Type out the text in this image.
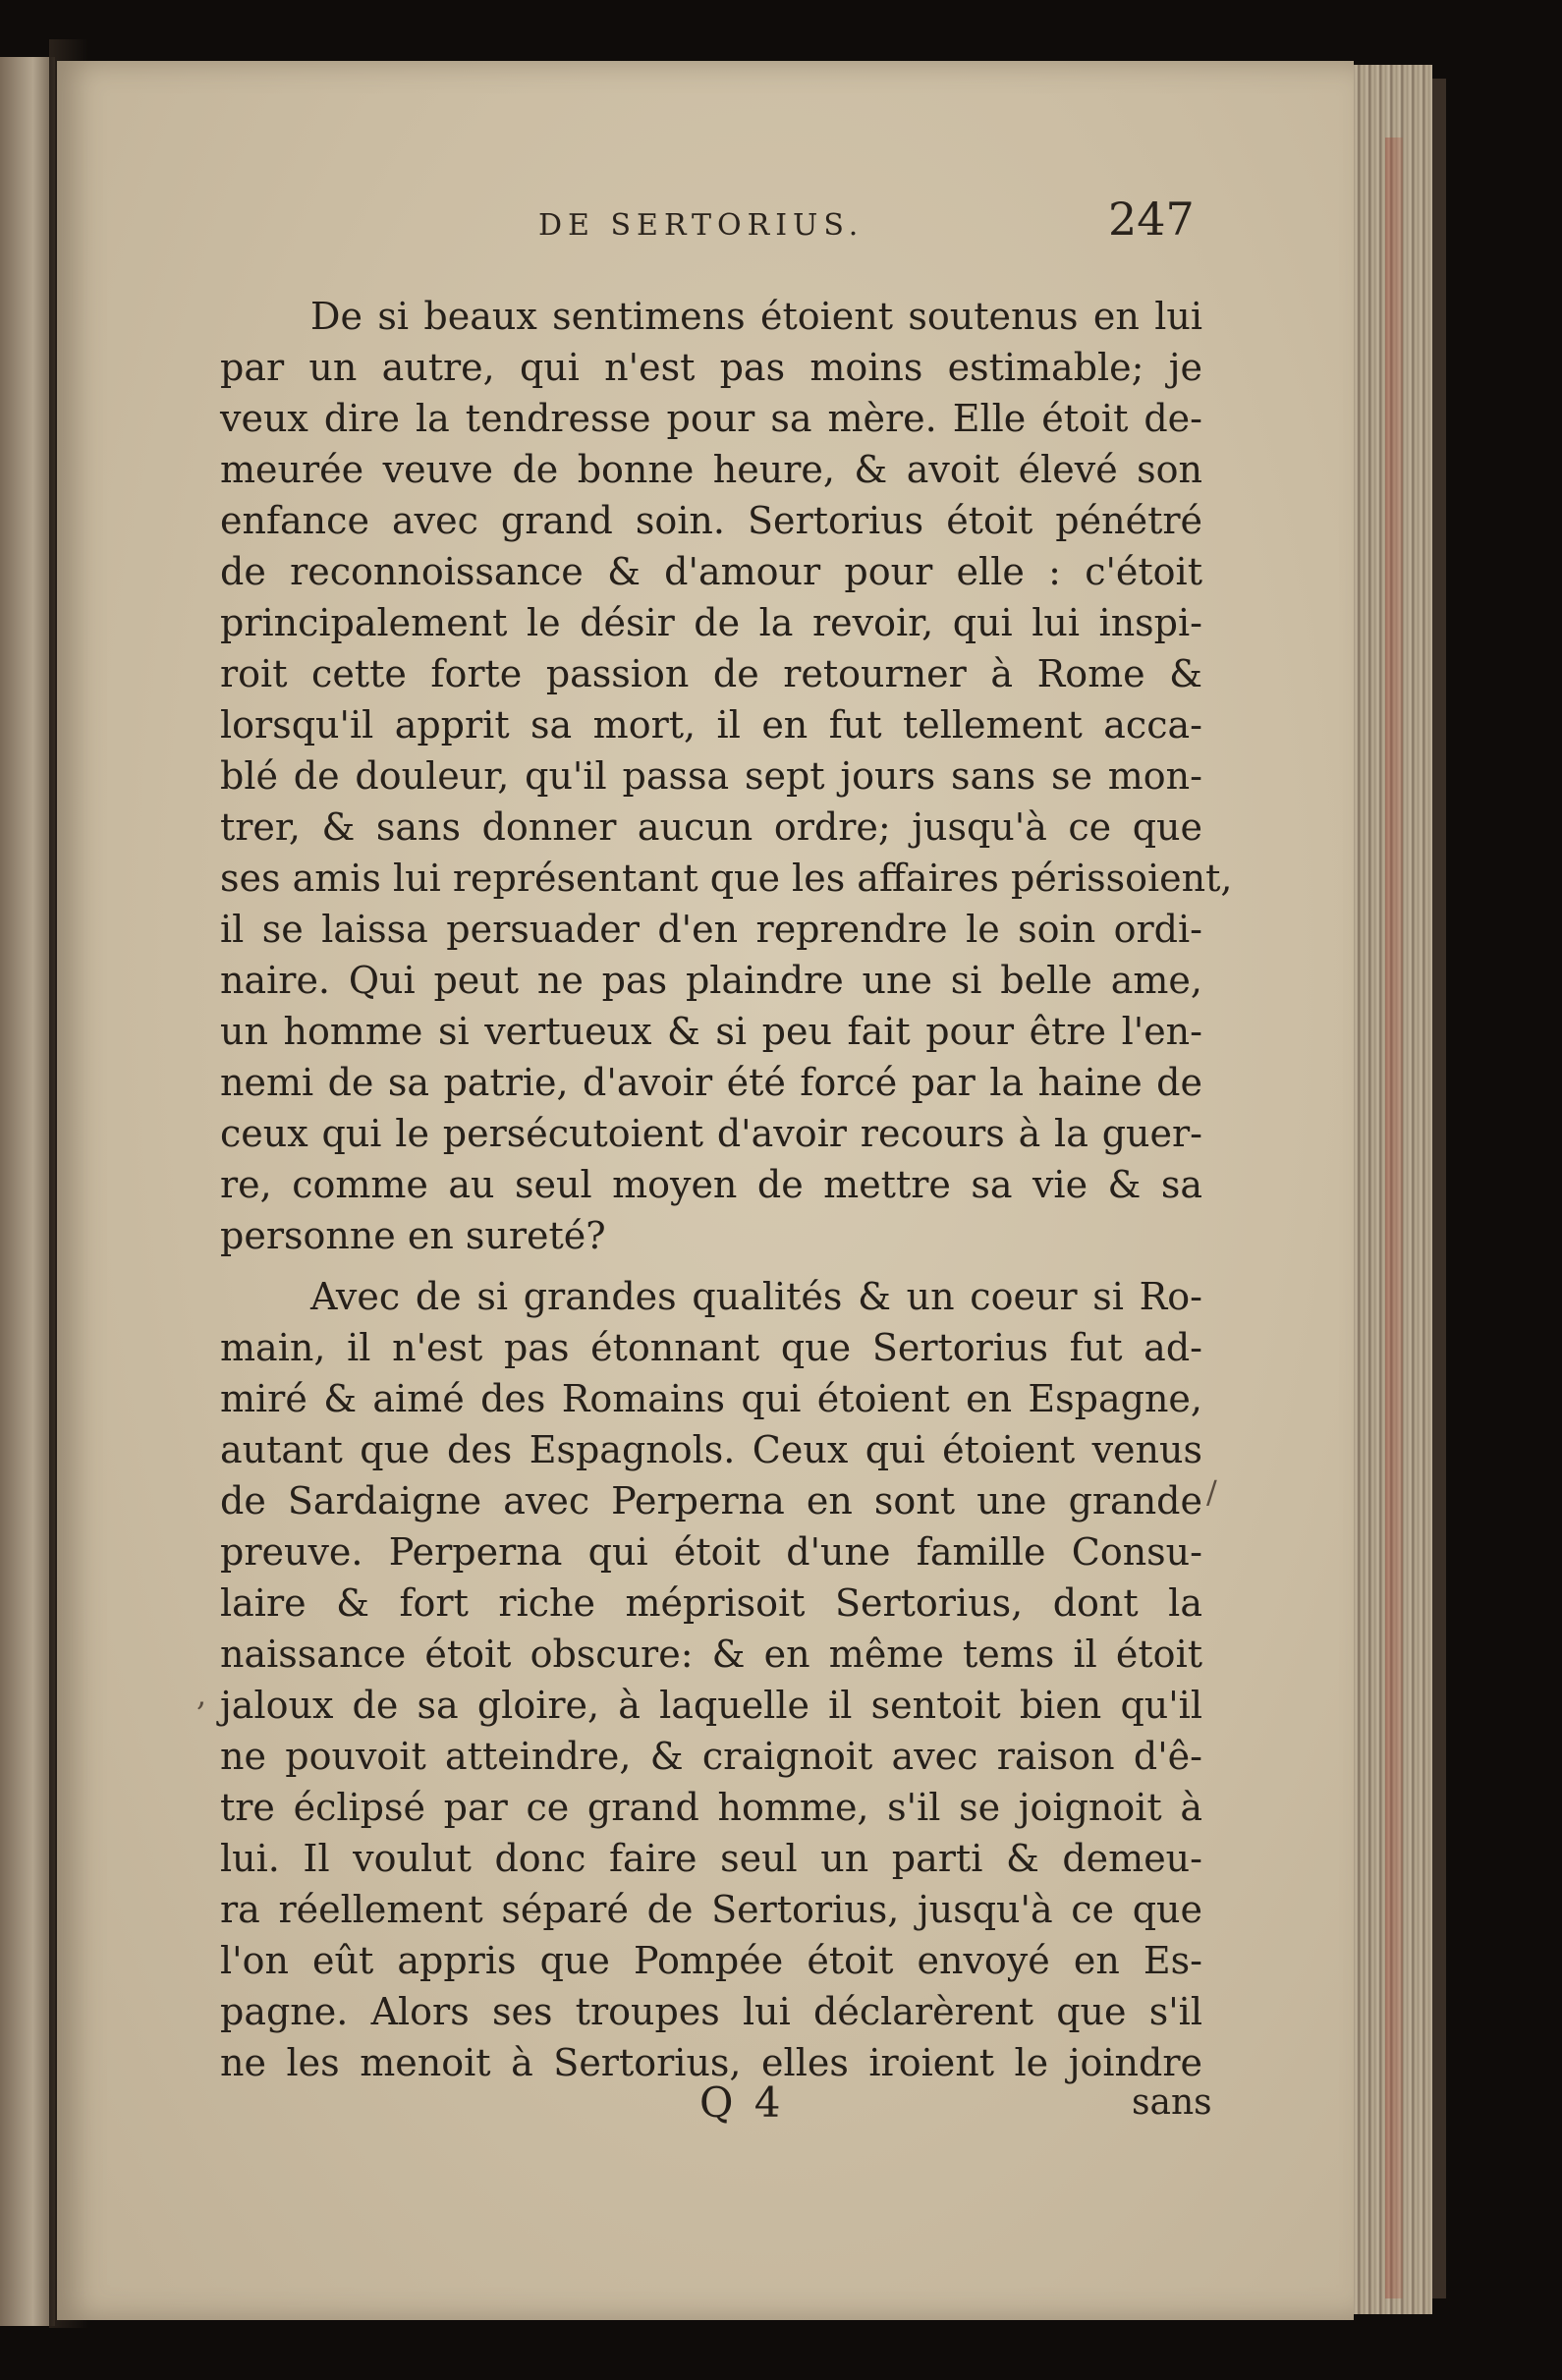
DE SERTORIUS.	247
De si beaux sentimens étoient soutenus en lui
par un autre, qui n'est pas moins estimable; je
veux dire la tendresse pour sa mère. Elle étoit de-
meurée veuve de bonne heure, & avoit élevé son
enfance avec grand soin. Sertorius étoit pénétré
de reconnoissance & d'amour pour elle : c'étoit
principalement le désir de la revoir, qui lui inspi-
roit cette forte passion de retourner à Rome &
lorsqu'il apprit sa mort, il en fut tellement acca-
blé de douleur, qu'il passa sept jours sans se mon-
trer, & sans donner aucun ordre; jusqu'à ce que
ses amis lui représentant que les affaires périssoient,
il se laissa persuader d'en reprendre le soin ordi-
naire. Qui peut ne pas plaindre une si belle ame,
un homme si vertueux & si peu fait pour être l'en-
nemi de sa patrie, d'avoir été forcé par la haine de
ceux qui le persécutoient d'avoir recours à la guer-
re, comme au seul moyen de mettre sa vie & sa
personne en sureté?
Avec de si grandes qualités & un coeur si Ro-
main, il n'est pas étonnant que Sertorius fut ad-
miré & aimé des Romains qui étoient en Espagne,
autant que des Espagnols. Ceux qui étoient venus
de Sardaigne avec Perperna en sont une grande
preuve. Perperna qui étoit d'une famille Consu-
laire & fort riche méprisoit Sertorius, dont la
naissance étoit obscure: & en même tems il étoit
jaloux de sa gloire, à laquelle il sentoit bien qu'il
ne pouvoit atteindre, & craignoit avec raison d'ê-
tre éclipsé par ce grand homme, s'il se joignoit à
lui. Il voulut donc faire seul un parti & demeu-
ra réellement séparé de Sertorius, jusqu'à ce que
l'on eût appris que Pompée étoit envoyé en Es-
pagne. Alors ses troupes lui déclarèrent que s'il
ne les menoit à Sertorius, elles iroient le joindre
Q 4	sans
/
,
